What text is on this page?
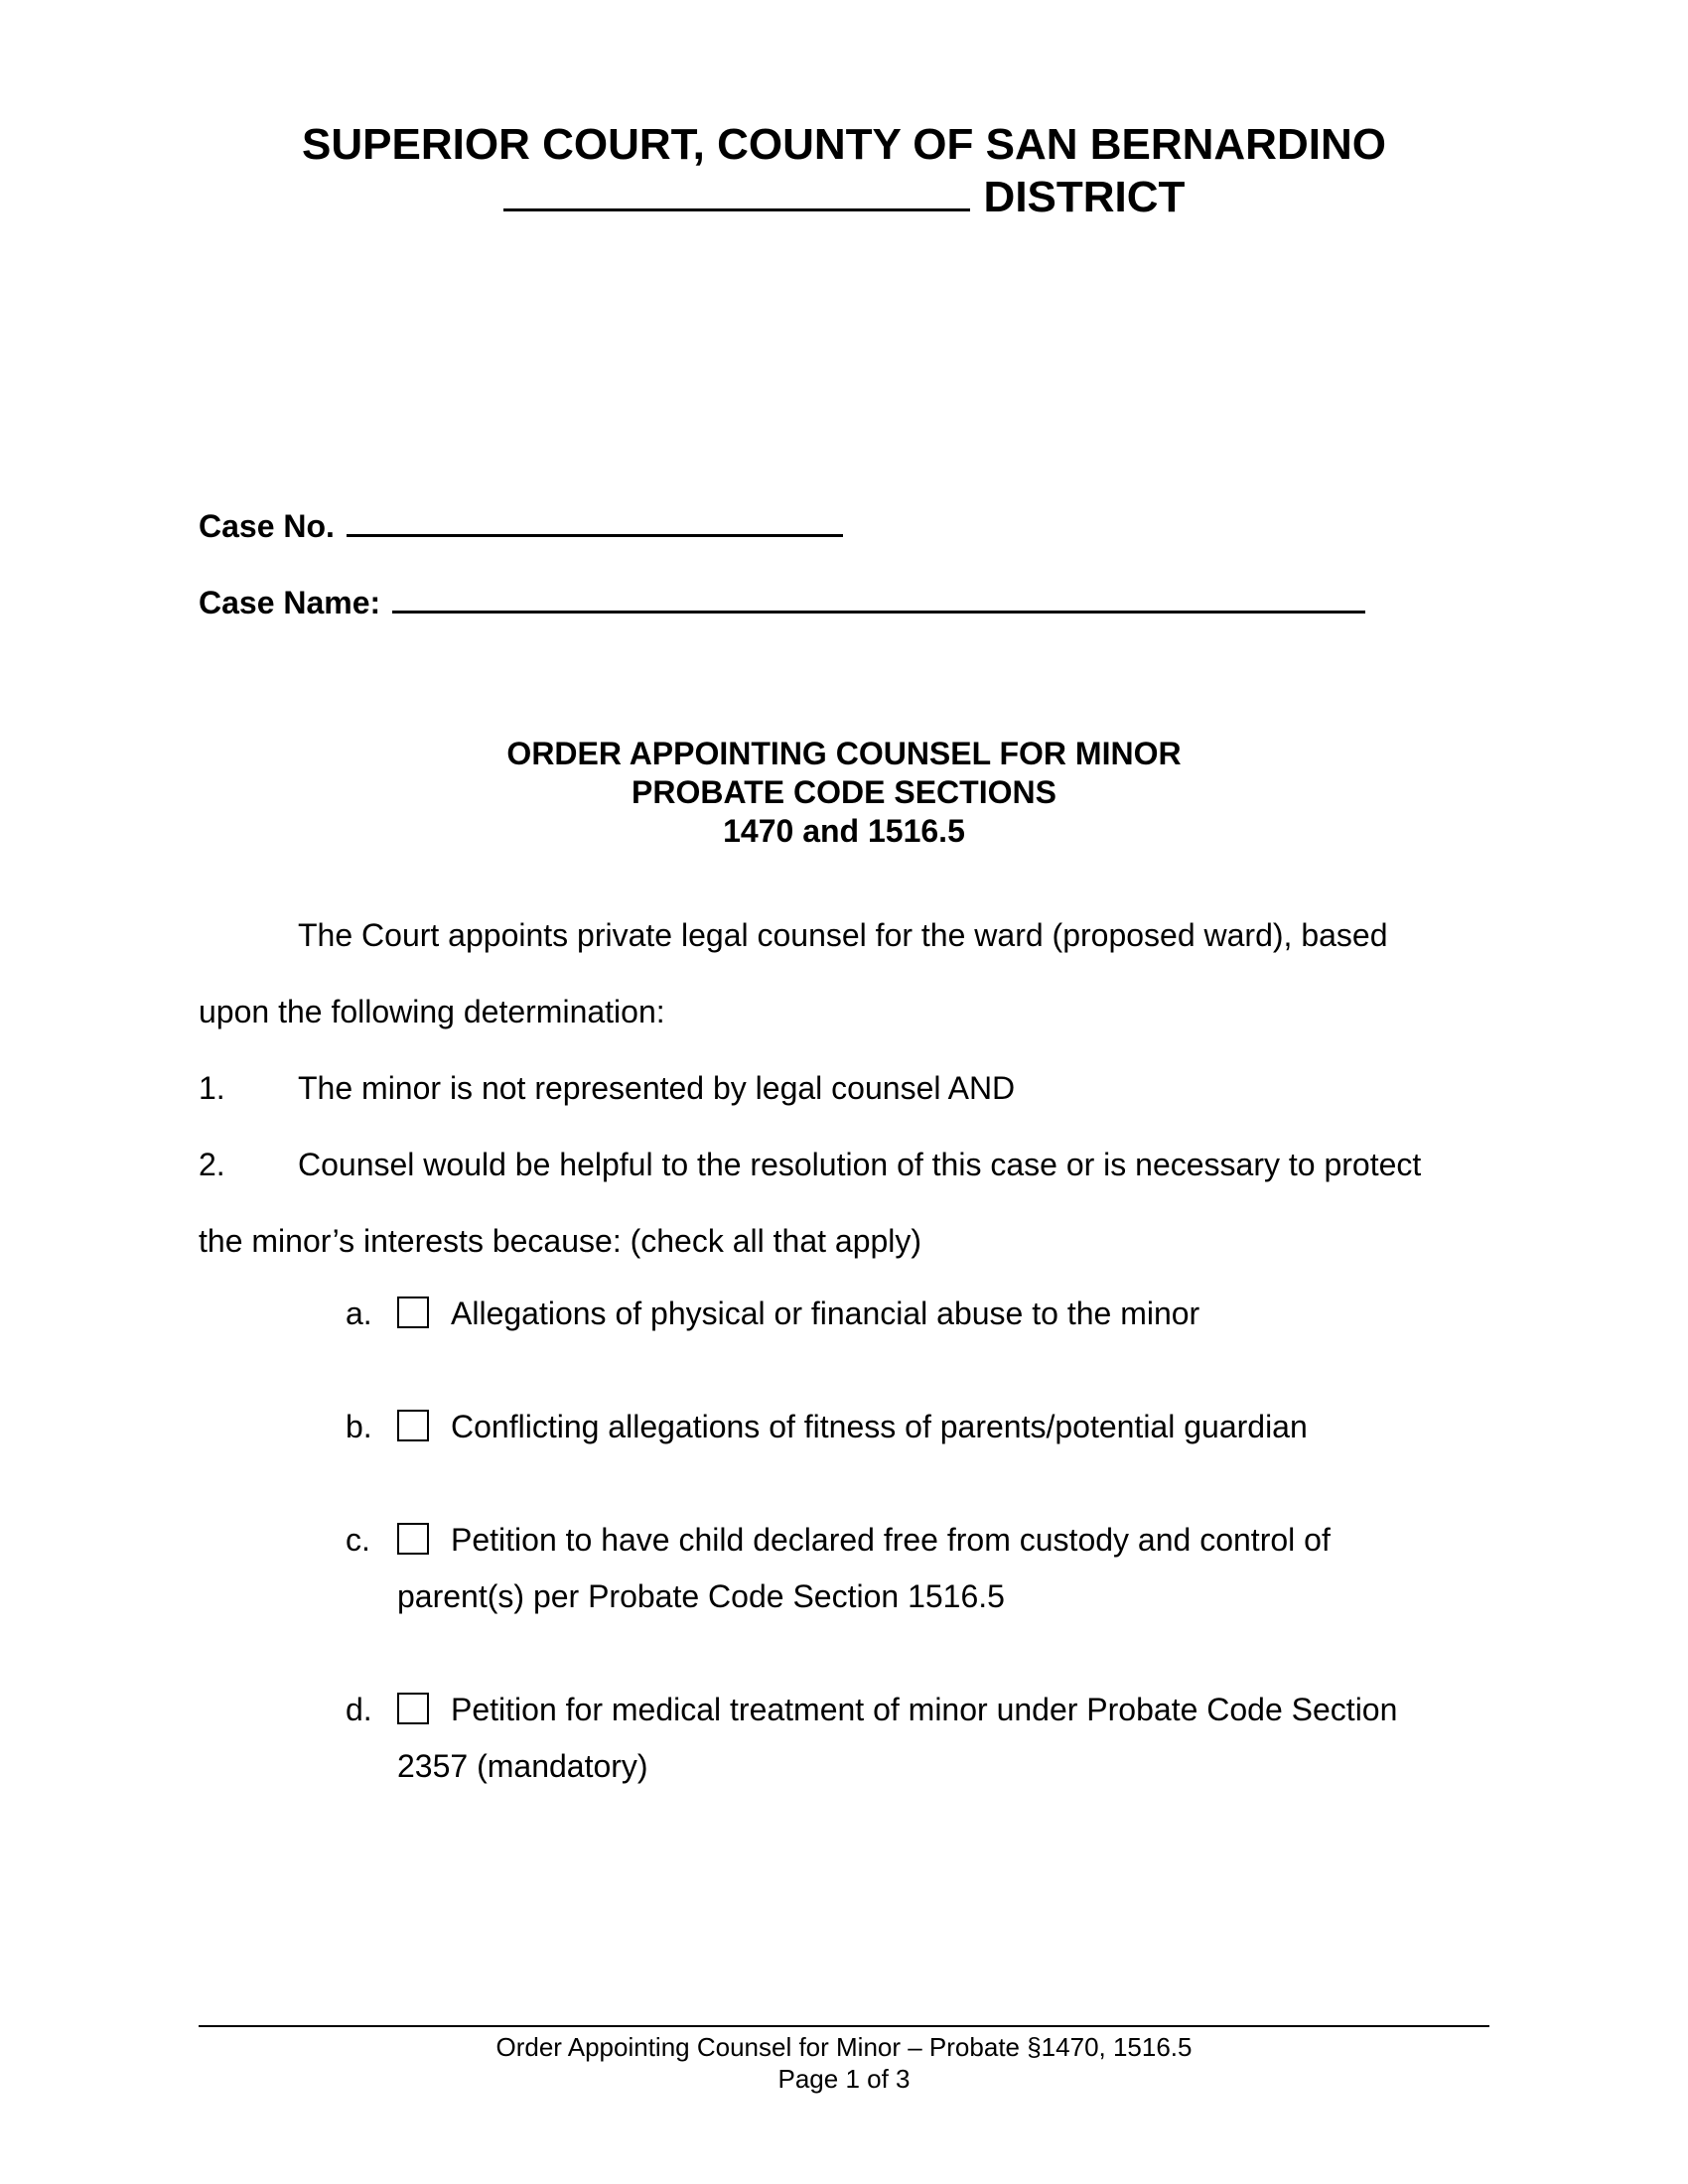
SUPERIOR COURT, COUNTY OF SAN BERNARDINO
DISTRICT
Case No.
Case Name:
ORDER APPOINTING COUNSEL FOR MINOR
PROBATE CODE SECTIONS
1470 and 1516.5
The Court appoints private legal counsel for the ward (proposed ward), based
upon the following determination:
1. The minor is not represented by legal counsel AND
2. Counsel would be helpful to the resolution of this case or is necessary to protect
the minor’s interests because: (check all that apply)
a. Allegations of physical or financial abuse to the minor
b. Conflicting allegations of fitness of parents/potential guardian
c.	Petition to have child declared free from custody and control of
parent(s) per Probate Code Section 1516.5
d. Petition for medical treatment of minor under Probate Code Section
2357 (mandatory)
Order Appointing Counsel for Minor – Probate §1470, 1516.5
Page 1 of 3
